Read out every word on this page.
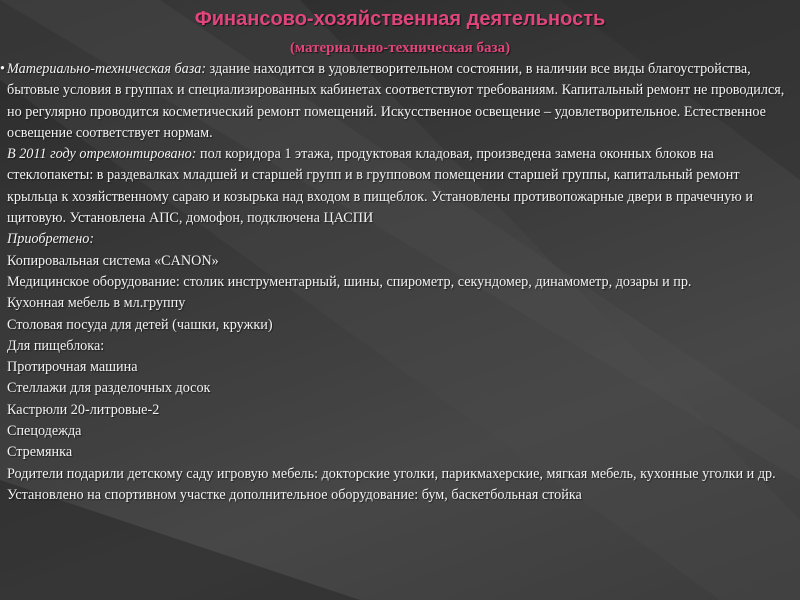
Финансово-хозяйственная деятельность
(материально-техническая база)

• Материально-техническая база: здание находится в удовлетворительном состоянии, в наличии все виды благоустройства, бытовые условия в группах и специализированных кабинетах соответствуют требованиям. Капитальный ремонт не проводился, но регулярно проводится косметический ремонт помещений. Искусственное освещение – удовлетворительное. Естественное освещение соответствует нормам.

В 2011 году отремонтировано: пол коридора 1 этажа, продуктовая кладовая, произведена замена оконных блоков на стеклопакеты: в раздевалках младшей и старшей групп и в групповом помещении старшей группы, капитальный ремонт крыльца к хозяйственному сараю и козырька над входом в пищеблок. Установлены противопожарные двери в прачечную и щитовую. Установлена АПС, домофон, подключена ЦАСПИ

Приобретено:

Копировальная система «CANON»

Медицинское оборудование: столик инструментарный, шины, спирометр, секундомер, динамометр, дозары и пр.

Кухонная мебель в мл.группу

Столовая посуда для детей (чашки, кружки)

Для пищеблока:

Протирочная машина

Стеллажи для разделочных досок

Кастрюли 20-литровые-2

Спецодежда

Стремянка

Родители подарили детскому саду игровую мебель: докторские уголки, парикмахерские, мягкая мебель, кухонные уголки и др.

Установлено на спортивном участке дополнительное оборудование: бум, баскетбольная стойка
